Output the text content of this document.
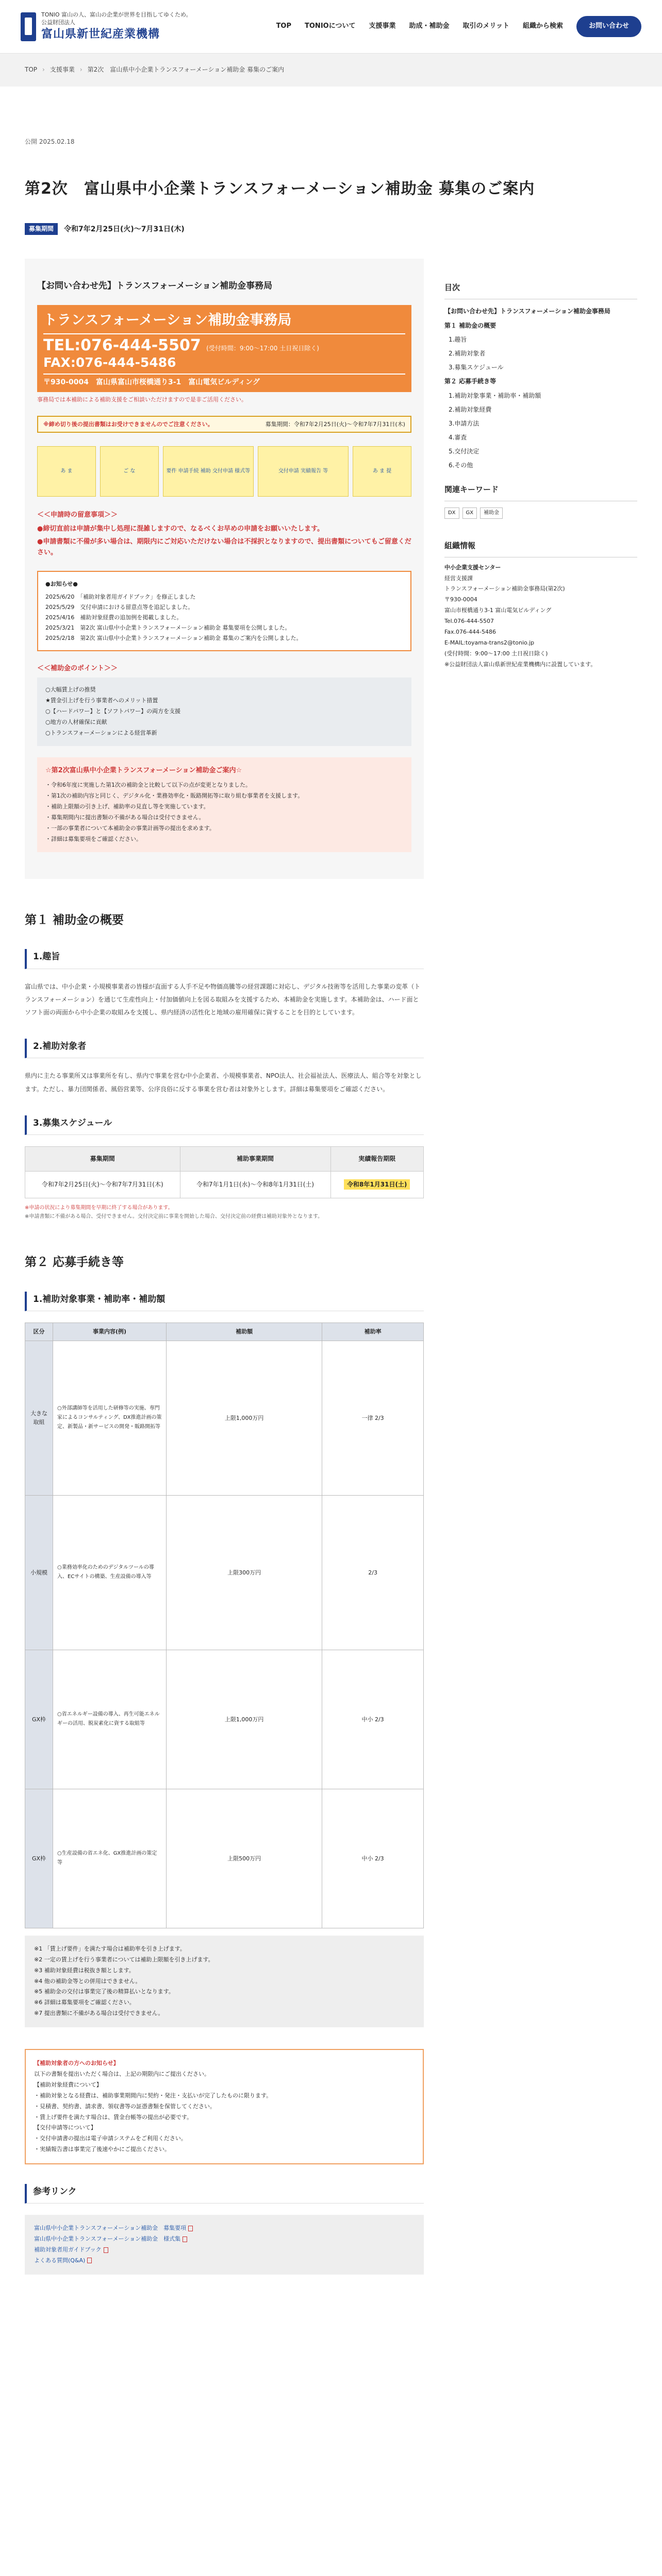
TONIO 富山の人、富山の企業が世界を目指してゆくため。
公益財団法人
富山県新世紀産業機構
TOP TONIOについて 支援事業 助成・補助金 取引のメリット 組織から検索	お問い合わせ
TOP › 支援事業 › 第2次　富山県中小企業トランスフォーメーション補助金 募集のご案内
公開 2025.02.18
第2次　富山県中小企業トランスフォーメーション補助金 募集のご案内
募集期間	令和7年2月25日(火)〜7月31日(木)
【お問い合わせ先】トランスフォーメーション補助金事務局
トランスフォーメーション補助金事務局
TEL:076-444-5507 (受付時間：9:00〜17:00 土日祝日除く)
FAX:076-444-5486
〒930-0004　富山県富山市桜橋通り3-1　富山電気ビルディング
事務局では本補助による補助支援をご相談いただけますので是非ご活用ください。
※締め切り後の提出書類はお受けできませんのでご注意ください。	募集期間：令和7年2月25日(火)〜令和7年7月31日(木)
あ ま	ご な	要件 申請手続 補助 交付申請 様式等	交付申請 実績報告 等	あ ま 提
＜＜申請時の留意事項＞＞
●締切直前は申請が集中し処理に混雑しますので、なるべくお早めの申請をお願いいたします。
●申請書類に不備が多い場合は、期限内にご対応いただけない場合は不採択となりますので、提出書類についてもご留意ください。
●お知らせ●
2025/6/20　「補助対象者用ガイドブック」を修正しました
2025/5/29　交付申請における留意点等を追記しました。
2025/4/16　補助対象経費の追加例を掲載しました。
2025/3/21　第2次 富山県中小企業トランスフォーメーション補助金 募集要項を公開しました。
2025/2/18　第2次 富山県中小企業トランスフォーメーション補助金 募集のご案内を公開しました。
＜＜補助金のポイント＞＞
○大幅賃上げの推奨
★賃金引上げを行う事業者へのメリット措置
○【ハードパワー】と【ソフトパワー】の両方を支援
○地方の人材確保に貢献
○トランスフォーメーションによる経営革新
☆第2次富山県中小企業トランスフォーメーション補助金ご案内☆
・令和6年度に実施した第1次の補助金と比較して以下の点が変更となりました。
・第1次の補助内容と同じく、デジタル化・業務効率化・販路開拓等に取り組む事業者を支援します。
・補助上限額の引き上げ、補助率の見直し等を実施しています。
・募集期間内に提出書類の不備がある場合は受付できません。
・一部の事業者について本補助金の事業計画等の提出を求めます。
・詳細は募集要項をご確認ください。
第１ 補助金の概要
1.趣旨
富山県では、中小企業・小規模事業者の皆様が直面する人手不足や物価高騰等の経営課題に対応し、デジタル技術等を活用した事業の変革（トランスフォーメーション）を通じて生産性向上・付加価値向上を図る取組みを支援するため、本補助金を実施します。本補助金は、ハード面とソフト面の両面から中小企業の取組みを支援し、県内経済の活性化と地域の雇用確保に資することを目的としています。
2.補助対象者
県内に主たる事業所又は事業所を有し、県内で事業を営む中小企業者、小規模事業者、NPO法人、社会福祉法人、医療法人、組合等を対象とします。ただし、暴力団関係者、風俗営業等、公序良俗に反する事業を営む者は対象外とします。詳細は募集要項をご確認ください。
3.募集スケジュール
募集期間	補助事業期間	実績報告期限
令和7年2月25日(火)〜令和7年7月31日(木)	令和7年1月1日(水)〜令和8年1月31日(土)	令和8年1月31日(土)
※申請の状況により募集期間を早期に終了する場合があります。
※申請書類に不備がある場合、受付できません。交付決定前に事業を開始した場合、交付決定前の経費は補助対象外となります。
第２ 応募手続き等
1.補助対象事業・補助率・補助額
区分	事業内容(例)	補助額	補助率
大きな取組	○外部講師等を活用した研修等の実施、専門家によるコンサルティング、DX推進計画の策定、新製品・新サービスの開発・販路開拓等	上限1,000万円	一律 2/3
小規模	○業務効率化のためのデジタルツールの導入、ECサイトの構築、生産設備の導入等	上限300万円	2/3
GX枠	○省エネルギー設備の導入、再生可能エネルギーの活用、脱炭素化に資する取組等	上限1,000万円	中小 2/3
GX枠	○生産設備の省エネ化、GX推進計画の策定等	上限500万円	中小 2/3
※1 「賃上げ要件」を満たす場合は補助率を引き上げます。
※2 一定の賃上げを行う事業者については補助上限額を引き上げます。
※3 補助対象経費は税抜き額とします。
※4 他の補助金等との併用はできません。
※5 補助金の交付は事業完了後の精算払いとなります。
※6 詳細は募集要項をご確認ください。
※7 提出書類に不備がある場合は受付できません。
【補助対象者の方へのお知らせ】
以下の書類を提出いただく場合は、上記の期限内にご提出ください。
【補助対象経費について】
・補助対象となる経費は、補助事業期間内に契約・発注・支払いが完了したものに限ります。
・見積書、契約書、請求書、領収書等の証憑書類を保管してください。
・賃上げ要件を満たす場合は、賃金台帳等の提出が必要です。
【交付申請等について】
・交付申請書の提出は電子申請システムをご利用ください。
・実績報告書は事業完了後速やかにご提出ください。
参考リンク
富山県中小企業トランスフォーメーション補助金　募集要項
富山県中小企業トランスフォーメーション補助金　様式集
補助対象者用ガイドブック
よくある質問(Q&A)
目次
【お問い合わせ先】トランスフォーメーション補助金事務局
第１ 補助金の概要
1.趣旨
2.補助対象者
3.募集スケジュール
第２ 応募手続き等
1.補助対象事業・補助率・補助額
2.補助対象経費
3.申請方法
4.審査
5.交付決定
6.その他
関連キーワード
DX	GX	補助金
組織情報
中小企業支援センター
経営支援課
トランスフォーメーション補助金事務局(第2次)
〒930-0004
富山市桜橋通り3-1 富山電気ビルディング
Tel.076-444-5507
Fax.076-444-5486
E-MAIL:toyama-trans2@tonio.jp
(受付時間：9:00〜17:00 土日祝日除く)
※公益財団法人富山県新世紀産業機構内に設置しています。
